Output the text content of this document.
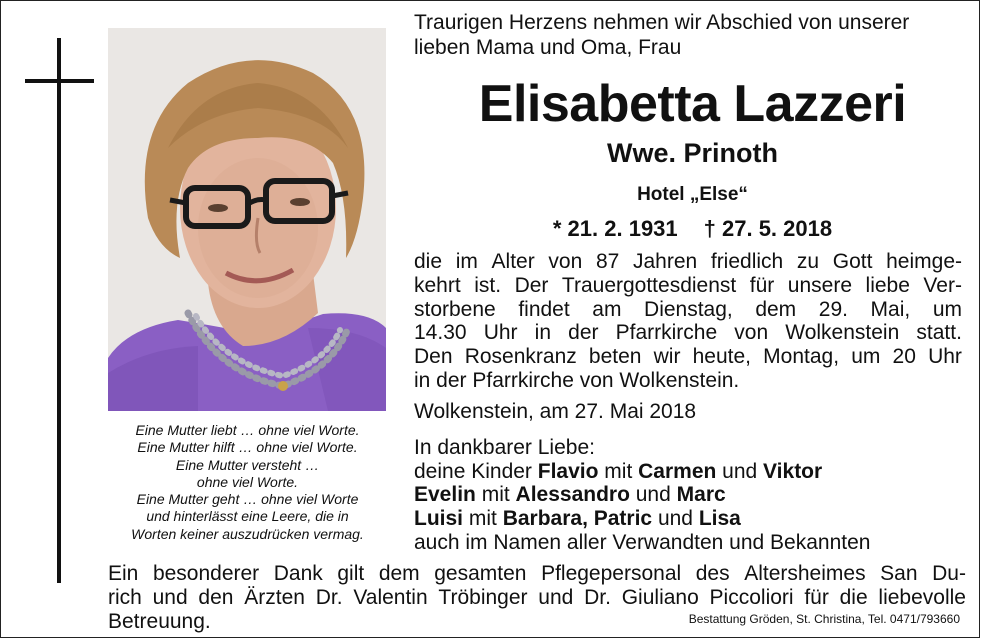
Eine Mutter liebt … ohne viel Worte.
Eine Mutter hilft … ohne viel Worte.
Eine Mutter versteht …
ohne viel Worte.
Eine Mutter geht … ohne viel Worte
und hinterlässt eine Leere, die in
Worten keiner auszudrücken vermag.
Traurigen Herzens nehmen wir Abschied von unserer
lieben Mama und Oma, Frau
Elisabetta Lazzeri
Wwe. Prinoth
Hotel „Else“
* 21. 2. 1931 † 27. 5. 2018
die im Alter von 87 Jahren friedlich zu Gott heimge-
kehrt ist. Der Trauergottesdienst für unsere liebe Ver-
storbene findet am Dienstag, dem 29. Mai, um
14.30 Uhr in der Pfarrkirche von Wolkenstein statt.
Den Rosenkranz beten wir heute, Montag, um 20 Uhr
in der Pfarrkirche von Wolkenstein.
Wolkenstein, am 27. Mai 2018
In dankbarer Liebe:
deine Kinder Flavio mit Carmen und Viktor
Evelin mit Alessandro und Marc
Luisi mit Barbara, Patric und Lisa
auch im Namen aller Verwandten und Bekannten
Ein besonderer Dank gilt dem gesamten Pflegepersonal des Altersheimes San Du-
rich und den Ärzten Dr. Valentin Tröbinger und Dr. Giuliano Piccoliori für die liebevolle
Betreuung.	Bestattung Gröden, St. Christina, Tel. 0471/793660
